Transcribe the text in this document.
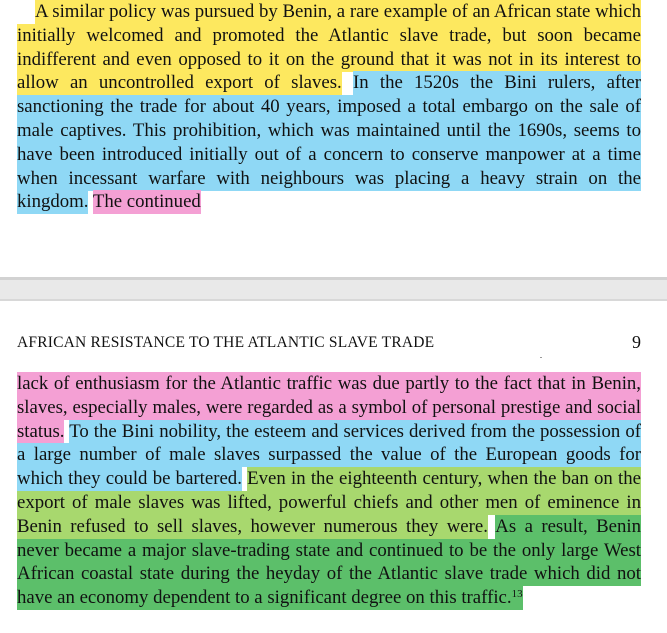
A similar policy was pursued by Benin, a rare example of an African state which initially welcomed and promoted the Atlantic slave trade, but soon became indifferent and even opposed to it on the ground that it was not in its interest to allow an uncontrolled export of slaves. In the 1520s the Bini rulers, after sanctioning the trade for about 40 years, imposed a total embargo on the sale of male captives. This prohibition, which was maintained until the 1690s, seems to have been introduced initially out of a concern to conserve manpower at a time when incessant warfare with neighbours was placing a heavy strain on the kingdom. The continued

AFRICAN RESISTANCE TO THE ATLANTIC SLAVE TRADE	9

lack of enthusiasm for the Atlantic traffic was due partly to the fact that in Benin, slaves, especially males, were regarded as a symbol of personal prestige and social status. To the Bini nobility, the esteem and services derived from the possession of a large number of male slaves surpassed the value of the European goods for which they could be bartered. Even in the eighteenth century, when the ban on the export of male slaves was lifted, powerful chiefs and other men of eminence in Benin refused to sell slaves, however numerous they were. As a result, Benin never became a major slave-trading state and continued to be the only large West African coastal state during the heyday of the Atlantic slave trade which did not have an economy dependent to a significant degree on this traffic.$^{13}$
